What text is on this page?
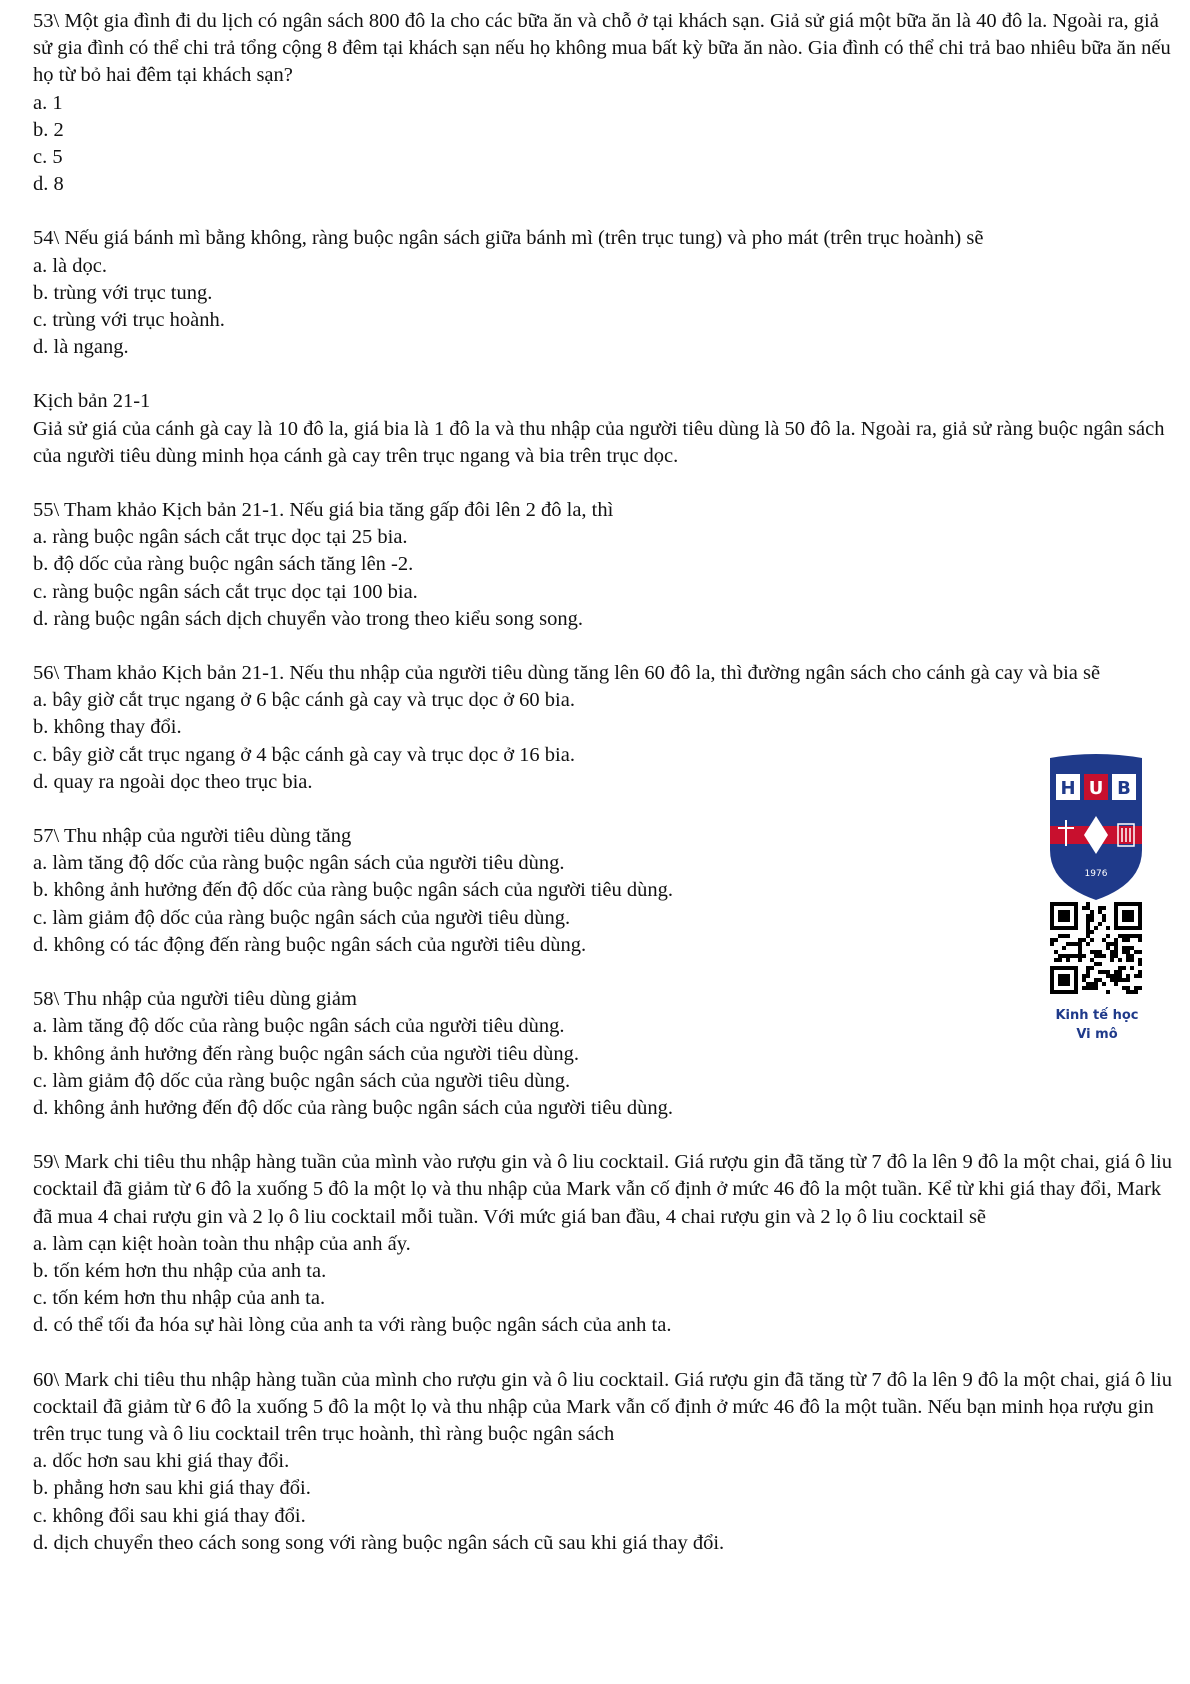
53\ Một gia đình đi du lịch có ngân sách 800 đô la cho các bữa ăn và chỗ ở tại khách sạn. Giả sử giá một bữa ăn là 40 đô la. Ngoài ra, giả sử gia đình có thể chi trả tổng cộng 8 đêm tại khách sạn nếu họ không mua bất kỳ bữa ăn nào. Gia đình có thể chi trả bao nhiêu bữa ăn nếu họ từ bỏ hai đêm tại khách sạn?

a. 1

b. 2

c. 5

d. 8

54\ Nếu giá bánh mì bằng không, ràng buộc ngân sách giữa bánh mì (trên trục tung) và pho mát (trên trục hoành) sẽ

a. là dọc.

b. trùng với trục tung.

c. trùng với trục hoành.

d. là ngang.

Kịch bản 21-1

Giả sử giá của cánh gà cay là 10 đô la, giá bia là 1 đô la và thu nhập của người tiêu dùng là 50 đô la. Ngoài ra, giả sử ràng buộc ngân sách của người tiêu dùng minh họa cánh gà cay trên trục ngang và bia trên trục dọc.

55\ Tham khảo Kịch bản 21-1. Nếu giá bia tăng gấp đôi lên 2 đô la, thì

a. ràng buộc ngân sách cắt trục dọc tại 25 bia.

b. độ dốc của ràng buộc ngân sách tăng lên -2.

c. ràng buộc ngân sách cắt trục dọc tại 100 bia.

d. ràng buộc ngân sách dịch chuyển vào trong theo kiểu song song.

56\ Tham khảo Kịch bản 21-1. Nếu thu nhập của người tiêu dùng tăng lên 60 đô la, thì đường ngân sách cho cánh gà cay và bia sẽ

a. bây giờ cắt trục ngang ở 6 bậc cánh gà cay và trục dọc ở 60 bia.

b. không thay đổi.

c. bây giờ cắt trục ngang ở 4 bậc cánh gà cay và trục dọc ở 16 bia.

d. quay ra ngoài dọc theo trục bia.

57\ Thu nhập của người tiêu dùng tăng

a. làm tăng độ dốc của ràng buộc ngân sách của người tiêu dùng.

b. không ảnh hưởng đến độ dốc của ràng buộc ngân sách của người tiêu dùng.

c. làm giảm độ dốc của ràng buộc ngân sách của người tiêu dùng.

d. không có tác động đến ràng buộc ngân sách của người tiêu dùng.

58\ Thu nhập của người tiêu dùng giảm

a. làm tăng độ dốc của ràng buộc ngân sách của người tiêu dùng.

b. không ảnh hưởng đến ràng buộc ngân sách của người tiêu dùng.

c. làm giảm độ dốc của ràng buộc ngân sách của người tiêu dùng.

d. không ảnh hưởng đến độ dốc của ràng buộc ngân sách của người tiêu dùng.

59\ Mark chi tiêu thu nhập hàng tuần của mình vào rượu gin và ô liu cocktail. Giá rượu gin đã tăng từ 7 đô la lên 9 đô la một chai, giá ô liu cocktail đã giảm từ 6 đô la xuống 5 đô la một lọ và thu nhập của Mark vẫn cố định ở mức 46 đô la một tuần. Kể từ khi giá thay đổi, Mark đã mua 4 chai rượu gin và 2 lọ ô liu cocktail mỗi tuần. Với mức giá ban đầu, 4 chai rượu gin và 2 lọ ô liu cocktail sẽ

a. làm cạn kiệt hoàn toàn thu nhập của anh ấy.

b. tốn kém hơn thu nhập của anh ta.

c. tốn kém hơn thu nhập của anh ta.

d. có thể tối đa hóa sự hài lòng của anh ta với ràng buộc ngân sách của anh ta.

60\ Mark chi tiêu thu nhập hàng tuần của mình cho rượu gin và ô liu cocktail. Giá rượu gin đã tăng từ 7 đô la lên 9 đô la một chai, giá ô liu cocktail đã giảm từ 6 đô la xuống 5 đô la một lọ và thu nhập của Mark vẫn cố định ở mức 46 đô la một tuần. Nếu bạn minh họa rượu gin trên trục tung và ô liu cocktail trên trục hoành, thì ràng buộc ngân sách

a. dốc hơn sau khi giá thay đổi.

b. phẳng hơn sau khi giá thay đổi.

c. không đổi sau khi giá thay đổi.

d. dịch chuyển theo cách song song với ràng buộc ngân sách cũ sau khi giá thay đổi.

H U B
1976
Kinh tế học
Vi mô
